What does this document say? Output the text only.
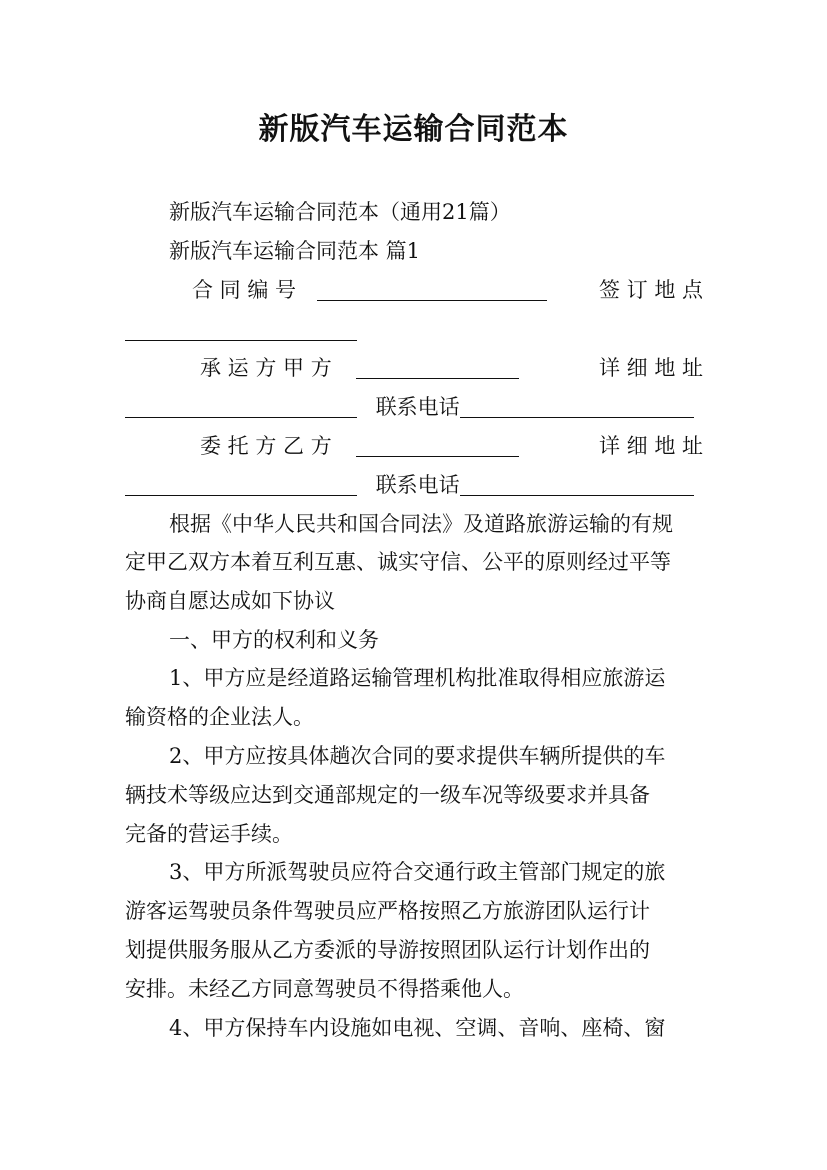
新版汽车运输合同范本
新版汽车运输合同范本（通用21篇）
新版汽车运输合同范本 篇1
合 同 编 号	签 订 地 点
承 运 方 甲 方	详 细 地 址
联系电话
委 托 方 乙 方	详 细 地 址
联系电话
根据《中华人民共和国合同法》及道路旅游运输的有规
定甲乙双方本着互利互惠、诚实守信、公平的原则经过平等
协商自愿达成如下协议
一、甲方的权利和义务
1、甲方应是经道路运输管理机构批准取得相应旅游运
输资格的企业法人。
2、甲方应按具体趟次合同的要求提供车辆所提供的车
辆技术等级应达到交通部规定的一级车况等级要求并具备
完备的营运手续。
3、甲方所派驾驶员应符合交通行政主管部门规定的旅
游客运驾驶员条件驾驶员应严格按照乙方旅游团队运行计
划提供服务服从乙方委派的导游按照团队运行计划作出的
安排。未经乙方同意驾驶员不得搭乘他人。
4、甲方保持车内设施如电视、空调、音响、座椅、窗
